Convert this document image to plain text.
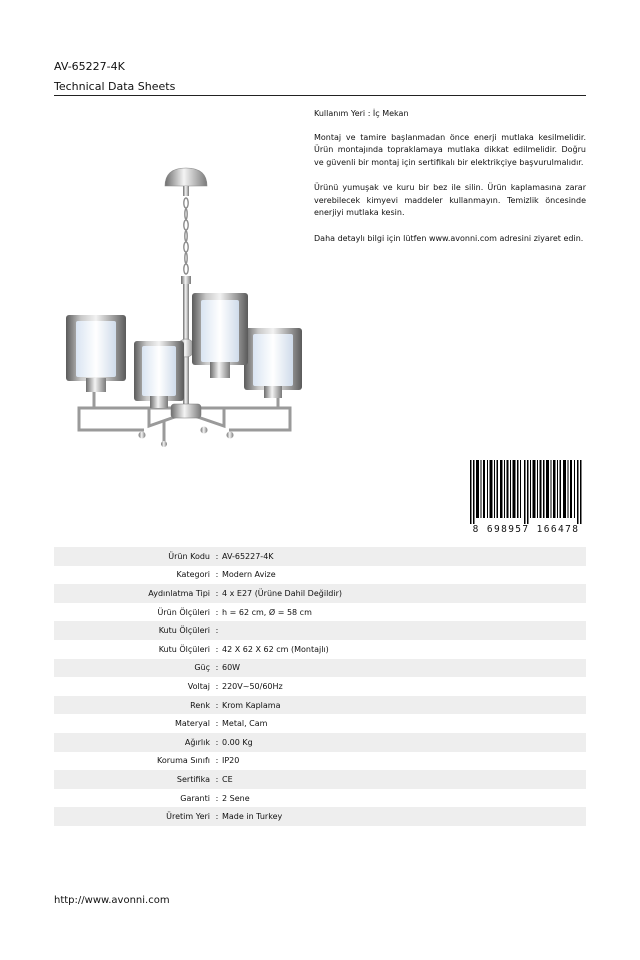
AV-65227-4K
Technical Data Sheets

Kullanım Yeri : İç Mekan

Montaj ve tamire başlanmadan önce enerji mutlaka kesilmelidir. Ürün montajında topraklamaya mutlaka dikkat edilmelidir. Doğru ve güvenli bir montaj için sertifikalı bir elektrikçiye başvurulmalıdır.

Ürünü yumuşak ve kuru bir bez ile silin. Ürün kaplamasına zarar verebilecek kimyevi maddeler kullanmayın. Temizlik öncesinde enerjiyi mutlaka kesin.

Daha detaylı bilgi için lütfen www.avonni.com adresini ziyaret edin.

8 698957 166478
Ürün Kodu : AV-65227-4K
Kategori : Modern Avize
Aydınlatma Tipi : 4 x E27 (Ürüne Dahil Değildir)
Ürün Ölçüleri : h = 62 cm, Ø = 58 cm
Kutu Ölçüleri :
Kutu Ölçüleri : 42 X 62 X 62 cm (Montajlı)
Güç : 60W
Voltaj : 220V~50/60Hz
Renk : Krom Kaplama
Materyal : Metal, Cam
Ağırlık : 0.00 Kg
Koruma Sınıfı : IP20
Sertifika : CE
Garanti : 2 Sene
Üretim Yeri : Made in Turkey
http://www.avonni.com
